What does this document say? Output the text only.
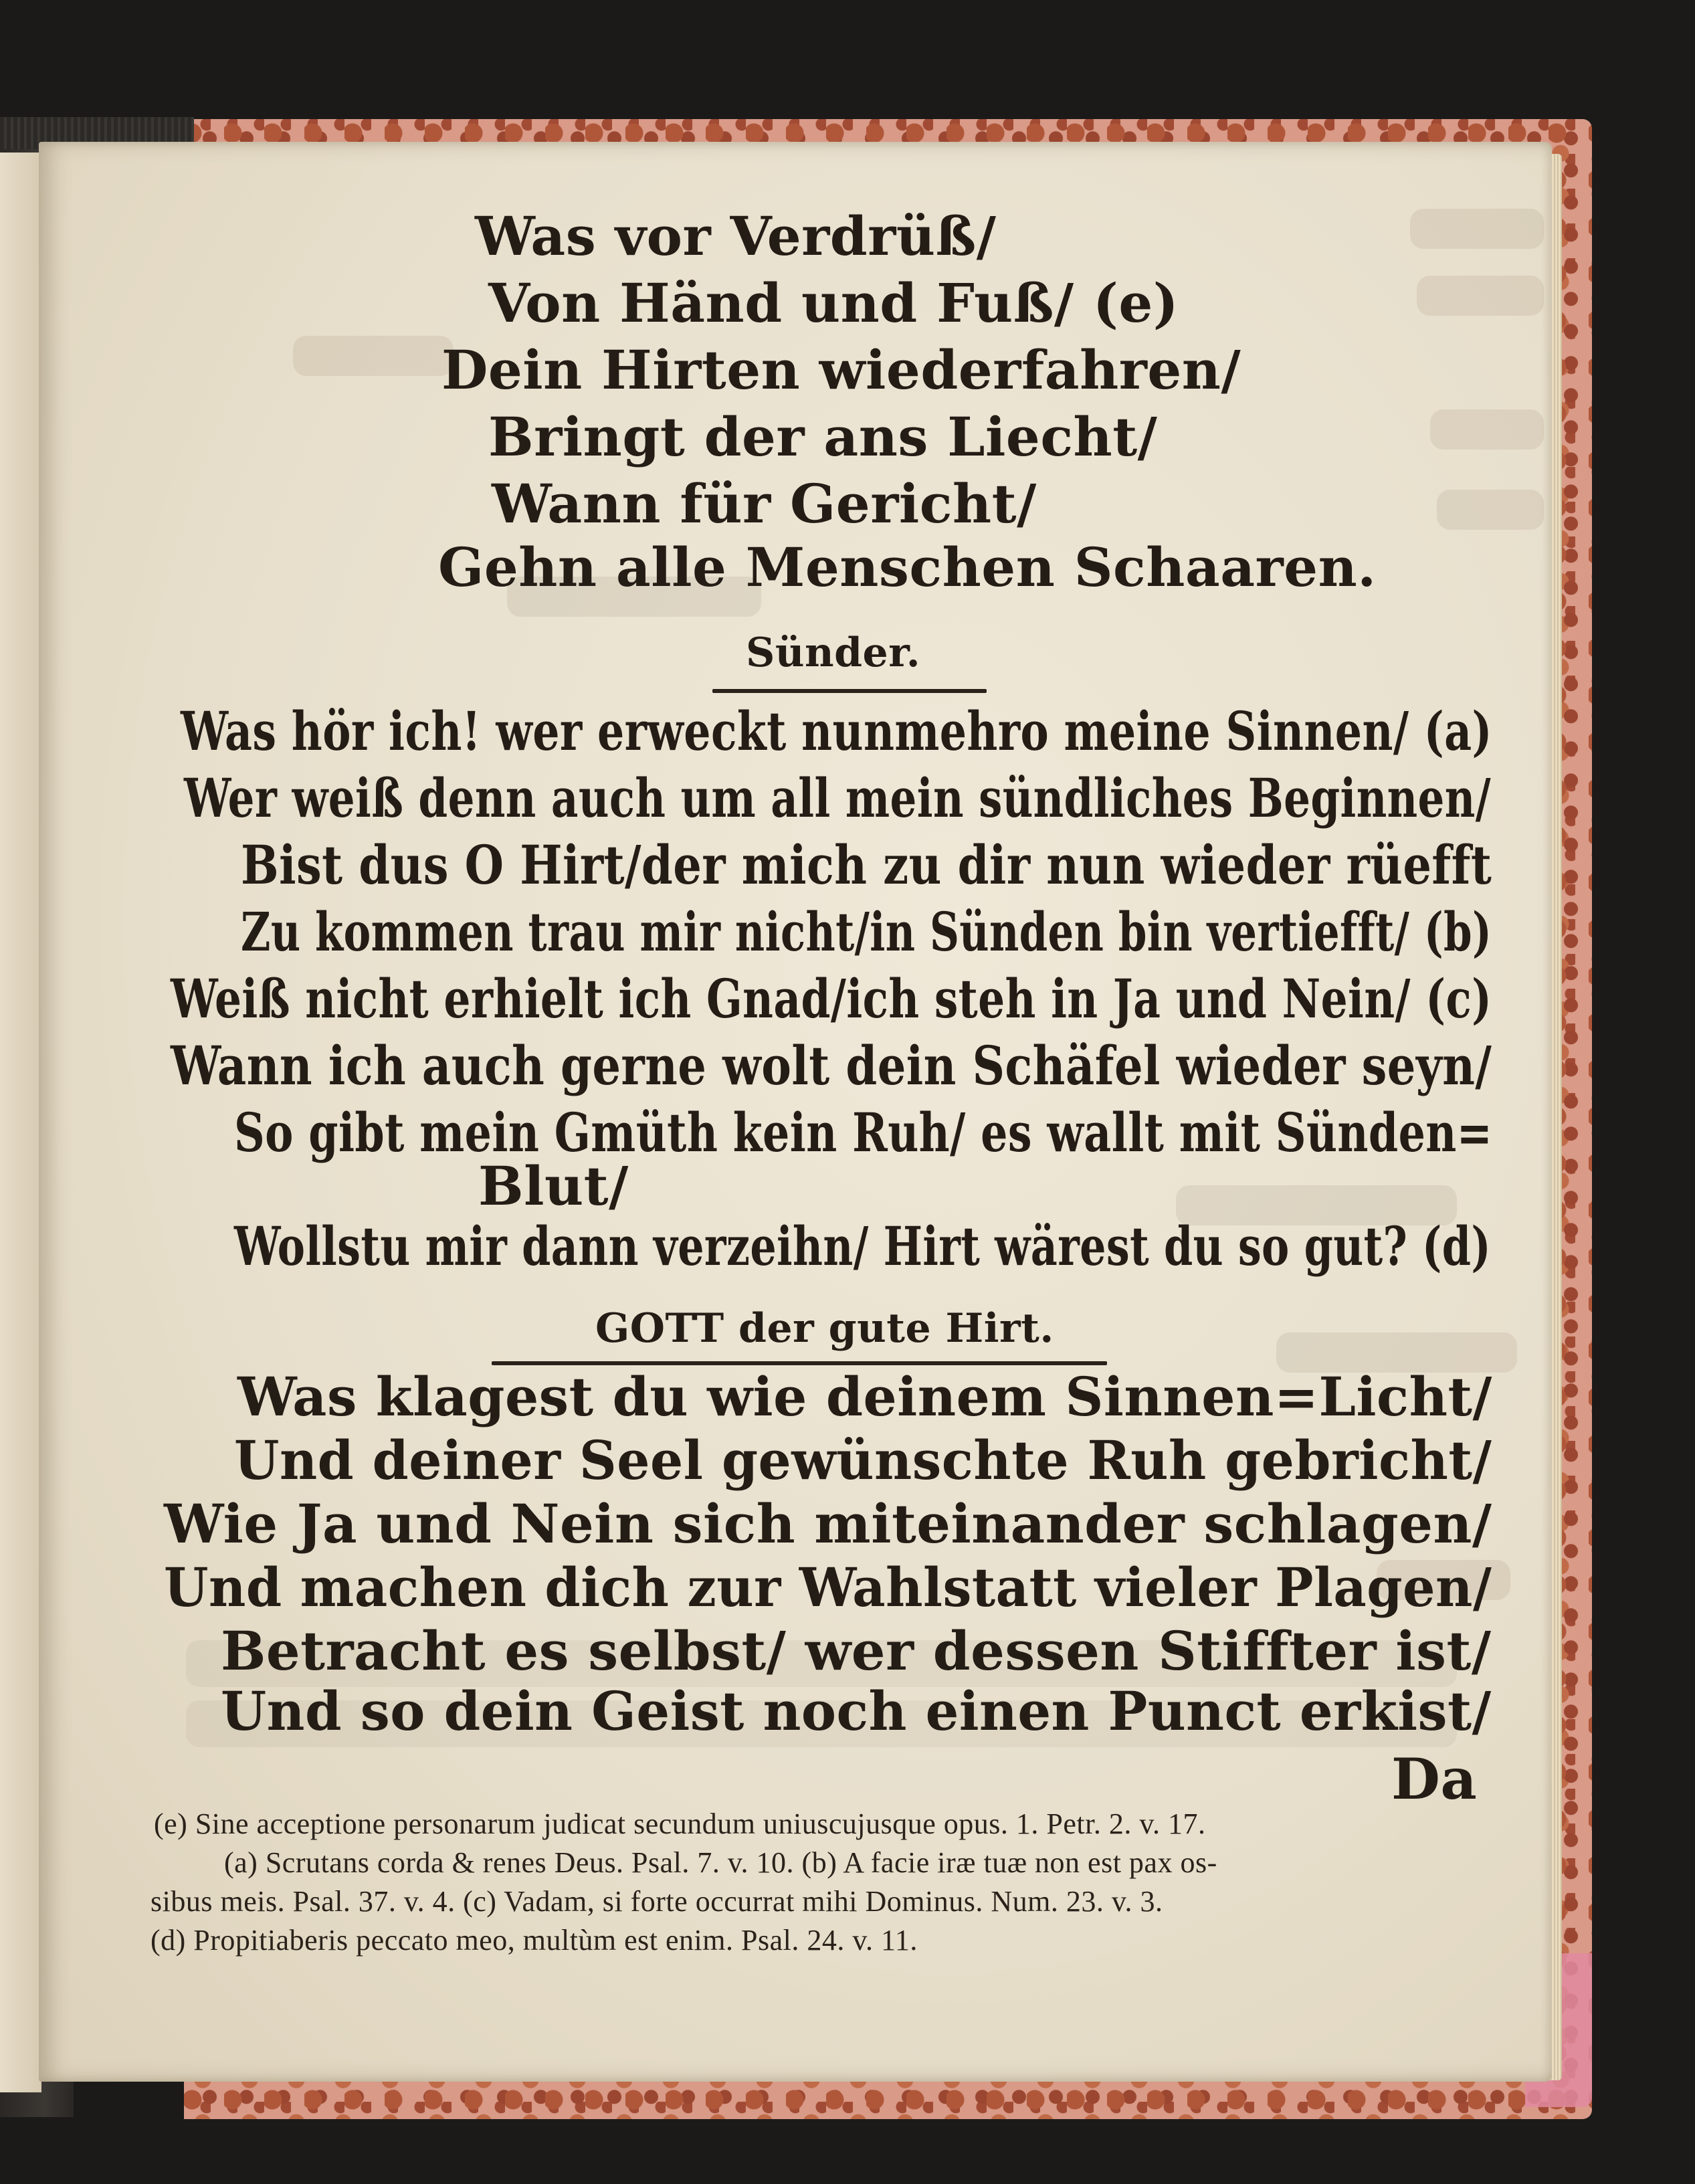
Was vor Verdrüß/
Von Händ und Fuß/ (e)
Dein Hirten wiederfahren/
Bringt der ans Liecht/
Wann für Gericht/
Gehn alle Menschen Schaaren.
Sünder.
Was hör ich! wer erweckt nunmehro meine Sinnen/ (a)
Wer weiß denn auch um all mein sündliches Beginnen/
Bist dus O Hirt/der mich zu dir nun wieder rüefft
Zu kommen trau mir nicht/in Sünden bin vertiefft/ (b)
Weiß nicht erhielt ich Gnad/ich steh in Ja und Nein/ (c)
Wann ich auch gerne wolt dein Schäfel wieder seyn/
So gibt mein Gmüth kein Ruh/ es wallt mit Sünden=
Blut/
Wollstu mir dann verzeihn/ Hirt wärest du so gut? (d)
GOTT der gute Hirt.
Was klagest du wie deinem Sinnen=Licht/
Und deiner Seel gewünschte Ruh gebricht/
Wie Ja und Nein sich miteinander schlagen/
Und machen dich zur Wahlstatt vieler Plagen/
Betracht es selbst/ wer dessen Stiffter ist/
Und so dein Geist noch einen Punct erkist/
Da
(e) Sine acceptione personarum judicat secundum uniuscujusque opus. 1. Petr. 2. v. 17.
(a) Scrutans corda & renes Deus. Psal. 7. v. 10. (b) A facie iræ tuæ non est pax os-
sibus meis. Psal. 37. v. 4. (c) Vadam, si forte occurrat mihi Dominus. Num. 23. v. 3.
(d) Propitiaberis peccato meo, multùm est enim. Psal. 24. v. 11.
